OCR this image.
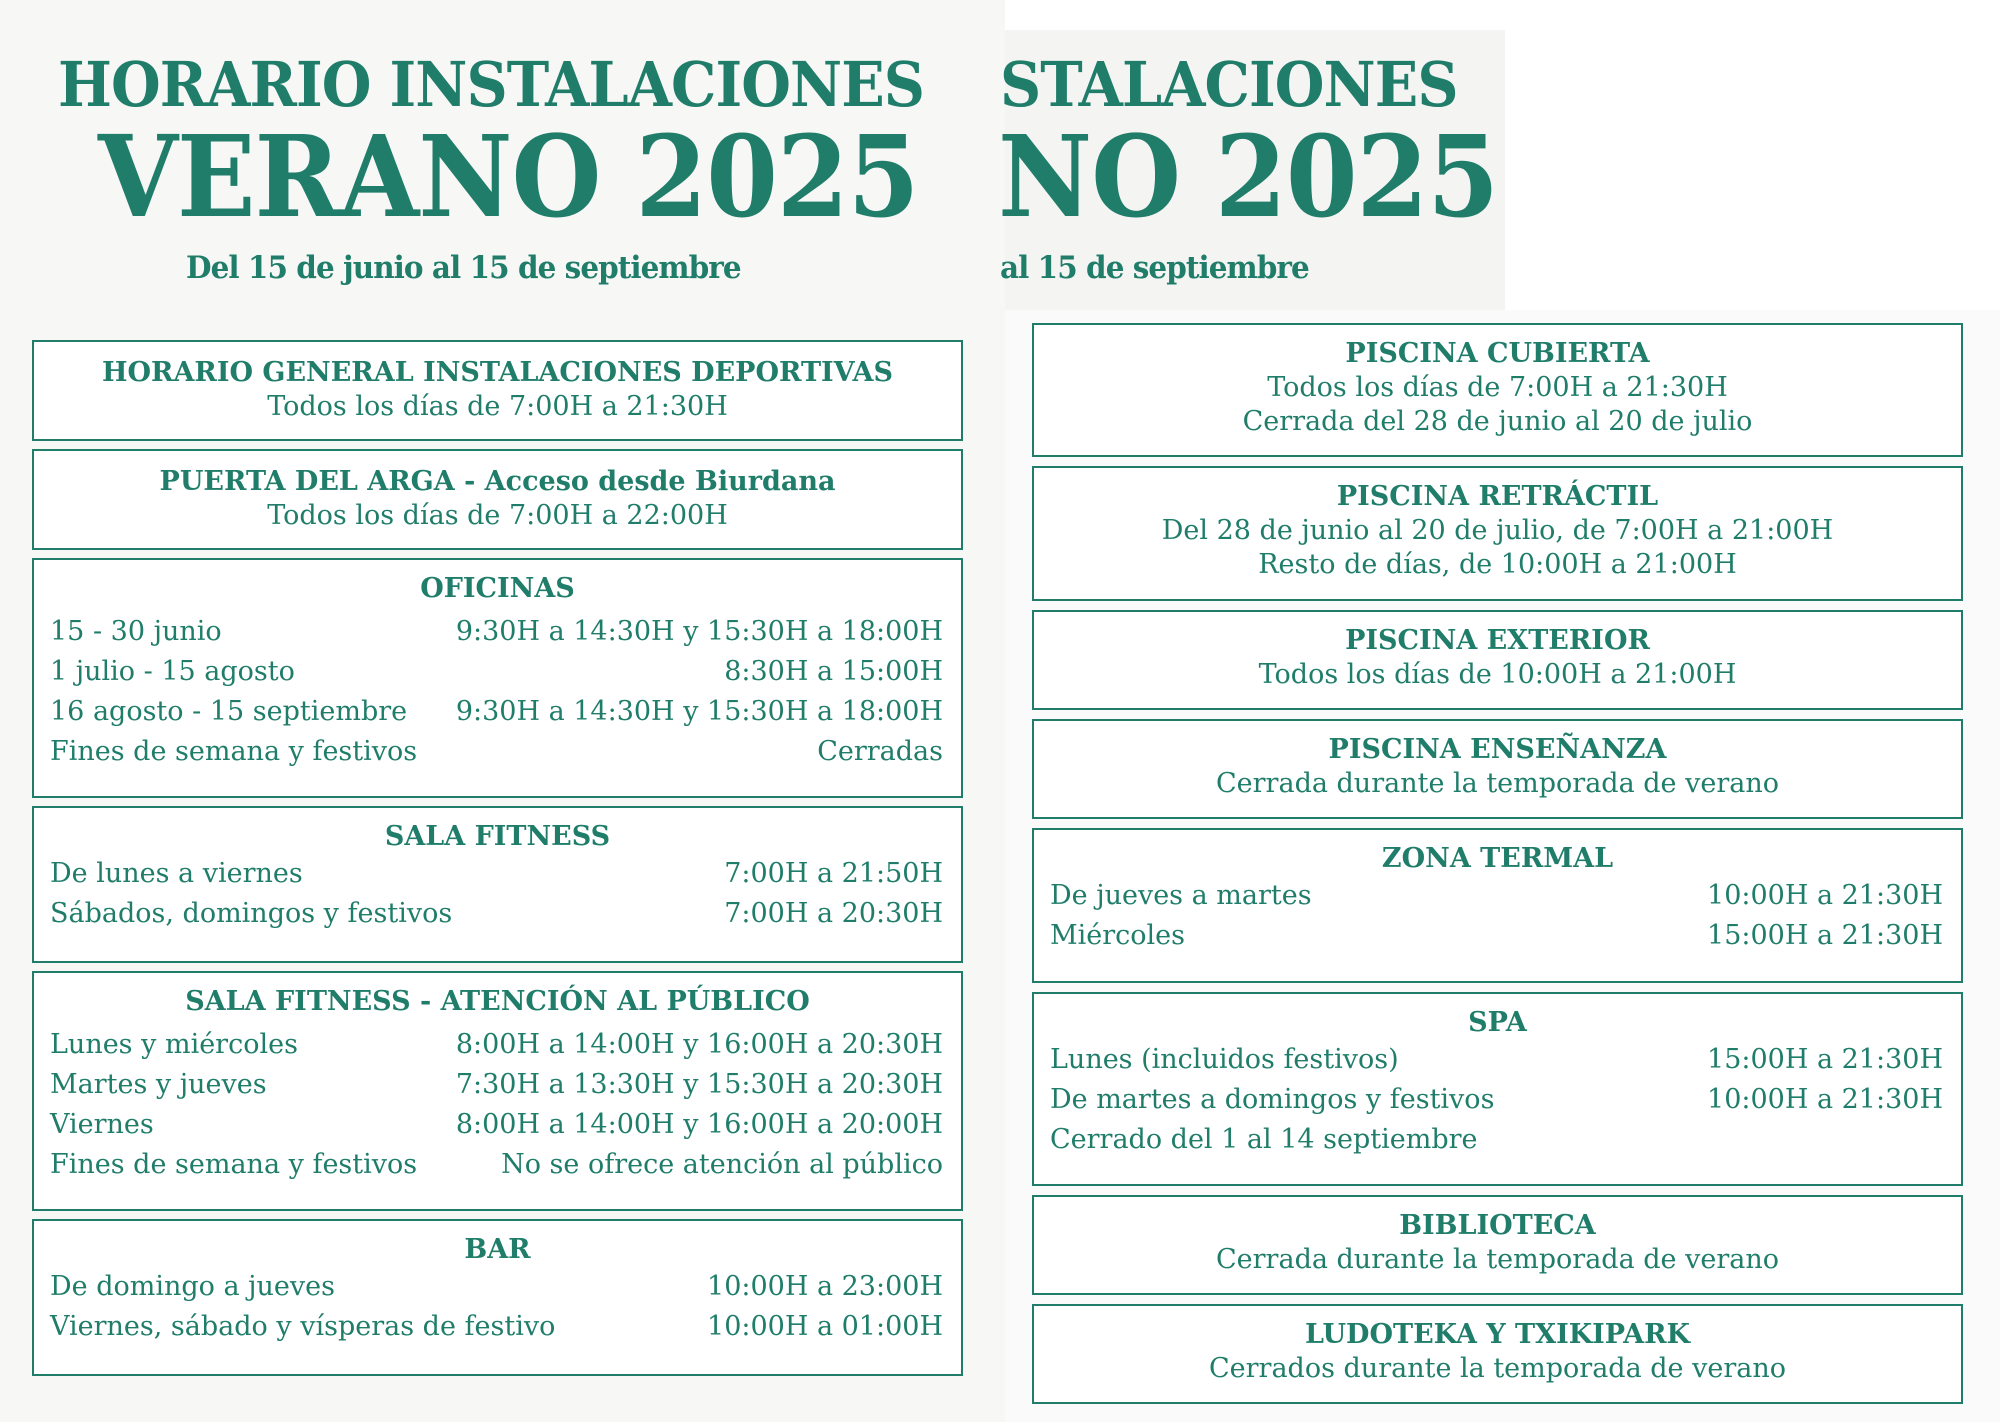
STALACIONES
NO 2025
al 15 de septiembre
HORARIO INSTALACIONES
VERANO 2025
Del 15 de junio al 15 de septiembre
HORARIO GENERAL INSTALACIONES DEPORTIVAS
Todos los días de 7:00H a 21:30H
PUERTA DEL ARGA - Acceso desde Biurdana
Todos los días de 7:00H a 22:00H
OFICINAS
15 - 30 junio	9:30H a 14:30H y 15:30H a 18:00H
1 julio - 15 agosto	8:30H a 15:00H
16 agosto - 15 septiembre 9:30H a 14:30H y 15:30H a 18:00H
Fines de semana y festivos	Cerradas
SALA FITNESS
De lunes a viernes	7:00H a 21:50H
Sábados, domingos y festivos	7:00H a 20:30H
SALA FITNESS - ATENCIÓN AL PÚBLICO
Lunes y miércoles	8:00H a 14:00H y 16:00H a 20:30H
Martes y jueves	7:30H a 13:30H y 15:30H a 20:30H
Viernes	8:00H a 14:00H y 16:00H a 20:00H
Fines de semana y festivos	No se ofrece atención al público
BAR
De domingo a jueves	10:00H a 23:00H
Viernes, sábado y vísperas de festivo	10:00H a 01:00H
PISCINA CUBIERTA
Todos los días de 7:00H a 21:30H
Cerrada del 28 de junio al 20 de julio
PISCINA RETRÁCTIL
Del 28 de junio al 20 de julio, de 7:00H a 21:00H
Resto de días, de 10:00H a 21:00H
PISCINA EXTERIOR
Todos los días de 10:00H a 21:00H
PISCINA ENSEÑANZA
Cerrada durante la temporada de verano
ZONA TERMAL
De jueves a martes	10:00H a 21:30H
Miércoles	15:00H a 21:30H
SPA
Lunes (incluidos festivos)	15:00H a 21:30H
De martes a domingos y festivos	10:00H a 21:30H
Cerrado del 1 al 14 septiembre
BIBLIOTECA
Cerrada durante la temporada de verano
LUDOTEKA Y TXIKIPARK
Cerrados durante la temporada de verano
